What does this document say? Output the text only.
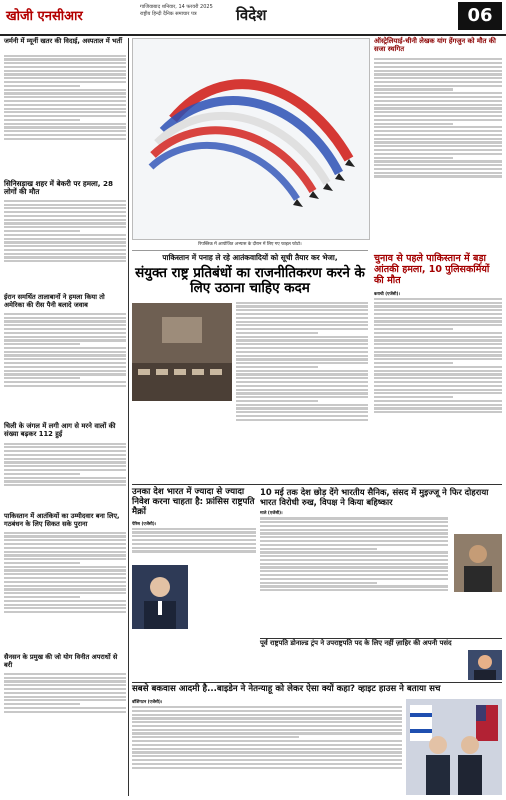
खोजी एनसीआर
गाजियाबाद शनिवार, 14 फरवरी 2025
राष्ट्रीय हिन्दी दैनिक समाचार पत्र	विदेश	06
जर्मनी में म्यूनीं खतर की विदाई, अस्पताल में भर्ती

सिनिसड़ाख शहर में बेकरी पर हमला, 28 लोगों की मौत
ईरान समर्थित तालाबानों ने हमला किया तो अमेरिका की रीस पैनी बलादे जवाब
चिली के जंगल में लगी आग से मरने वालों की संख्या बढ़कर 112 हुई
पाकिस्तान में आतंकियों का उम्मीदवार बना लिए, गठबंधन के लिए सिकत सके पुराना
सैनसन के प्रमुख की जो योग विनीत अपराधों से बरी
रिपब्लिक में आयोजित अभ्यास के दौरान में लिए गए फाइल फोटो।
ऑस्ट्रेलियाई-चीनी लेखक यांग हेंगजुन को मौत की सजा स्थगित
पाकिस्तान में पनाह ले रहे आतंकवादियों को सूची तैयार कर भेजा,
संयुक्त राष्ट्र प्रतिबंधों का राजनीतिकरण करने के लिए उठाना चाहिए कदम
चुनाव से पहले पाकिस्तान में बड़ा आंतकी हमला, 10 पुलिसकर्मियों की मौत
कराची (एजेंसी)।
उनका देश भारत में ज्यादा से ज्यादा निवेश करना चाहता है: फ्रांसिस राष्ट्रपति मैक्रों
पेरिस (एजेंसी)।
10 मई तक देश छोड़ देंगे भारतीय सैनिक, संसद में मुइज्जू ने फिर दोहराया भारत विरोधी रुख, विपक्ष ने किया बहिष्कार
माले (एजेंसी)।
पूर्व राष्ट्रपति डोनाल्ड ट्रंप ने उपराष्ट्रपति पद के लिए नहीं ज़ाहिर की अपनी पसंद
सबसे बकवास आदमी है...बाइडेन ने नेतन्याहू को लेकर ऐसा क्यों कहा? व्हाइट हाउस ने बताया सच
वॉशिंगटन (एजेंसी)।
